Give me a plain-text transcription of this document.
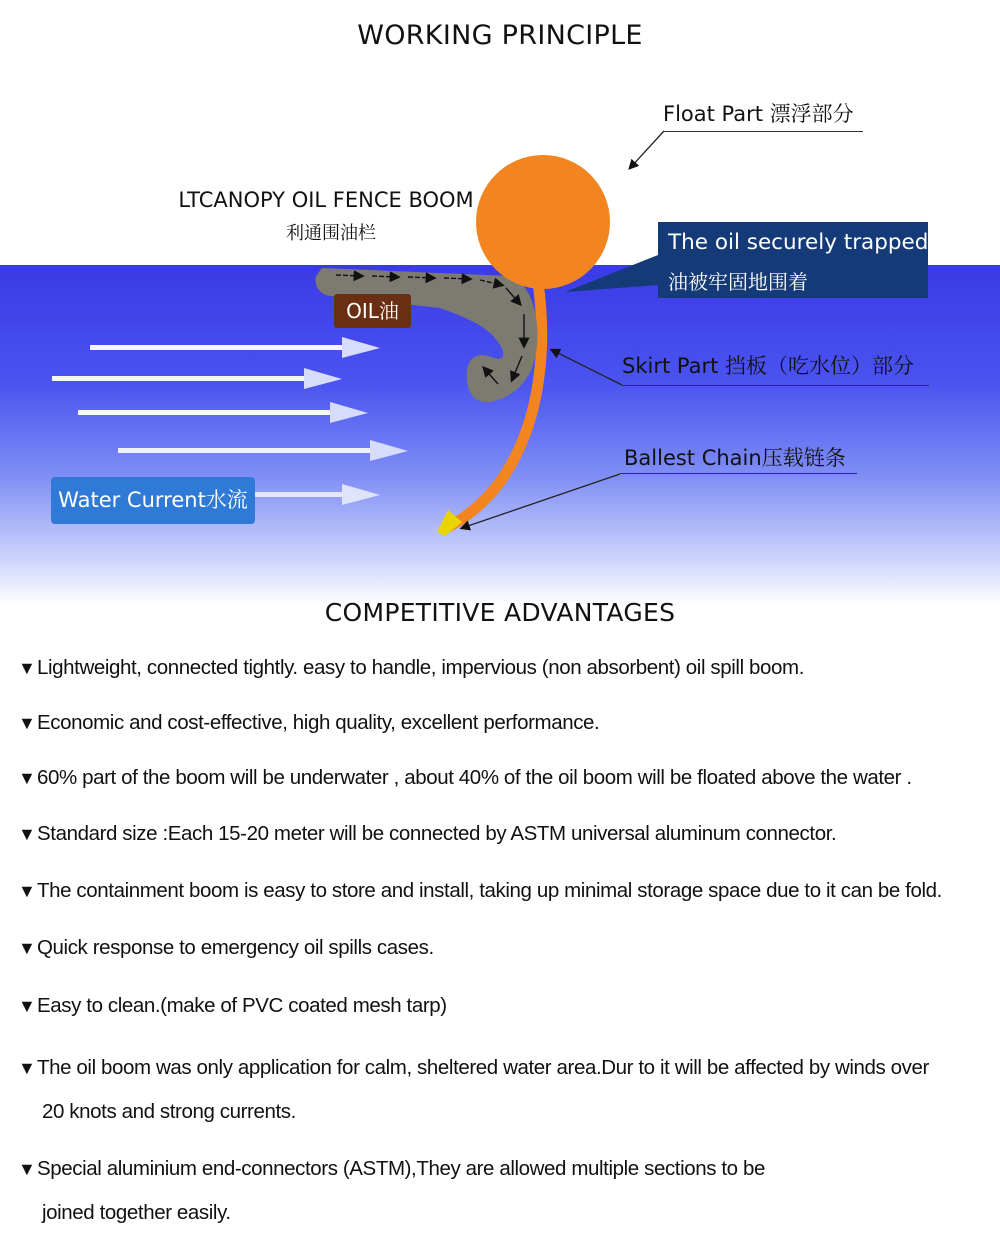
WORKING PRINCIPLE
LTCANOPY OIL FENCE BOOM
利通围油栏
Float Part 漂浮部分
The oil securely trapped
油被牢固地围着
OIL油
Skirt Part 挡板（吃水位）部分
Ballest Chain压载链条
Water Current水流
COMPETITIVE ADVANTAGES
▼Lightweight, connected tightly. easy to handle, impervious (non absorbent) oil spill boom.
▼Economic and cost-effective, high quality, excellent performance.
▼60% part of the boom will be underwater , about 40% of the oil boom will be floated above the water .
▼Standard size :Each 15-20 meter will be connected by ASTM universal aluminum connector.
▼The containment boom is easy to store and install, taking up minimal storage space due to it can be fold.
▼Quick response to emergency oil spills cases.
▼Easy to clean.(make of PVC coated mesh tarp)
▼The oil boom was only application for calm, sheltered water area.Dur to it will be affected by winds over
20 knots and strong currents.
▼Special aluminium end-connectors (ASTM),They are allowed multiple sections to be
joined together easily.
